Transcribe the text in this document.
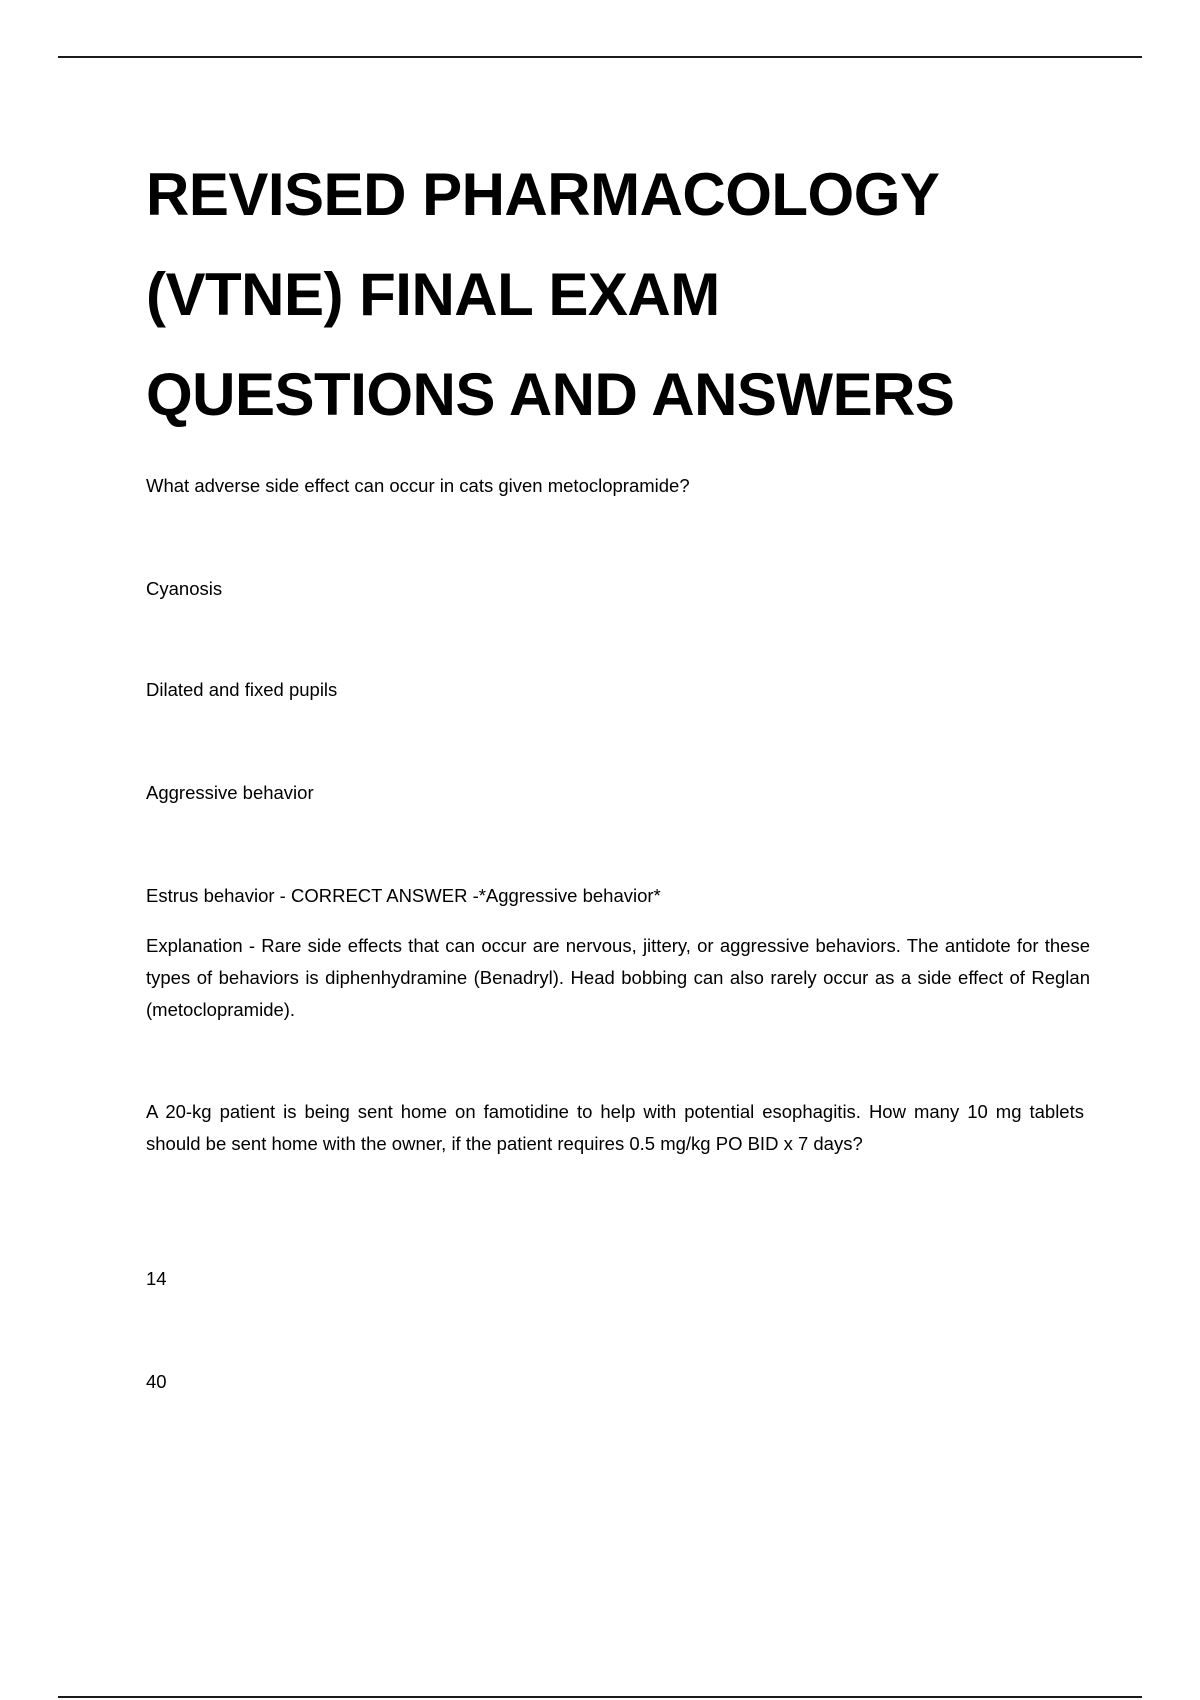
REVISED PHARMACOLOGY
(VTNE) FINAL EXAM
QUESTIONS AND ANSWERS

What adverse side effect can occur in cats given metoclopramide?

Cyanosis

Dilated and fixed pupils

Aggressive behavior

Estrus behavior - CORRECT ANSWER -*Aggressive behavior*

Explanation - Rare side effects that can occur are nervous, jittery, or aggressive behaviors. The antidote for these types of behaviors is diphenhydramine (Benadryl). Head bobbing can also rarely occur as a side effect of Reglan (metoclopramide).

A 20-kg patient is being sent home on famotidine to help with potential esophagitis. How many 10 mg tablets should be sent home with the owner, if the patient requires 0.5 mg/kg PO BID x 7 days?

14

40
